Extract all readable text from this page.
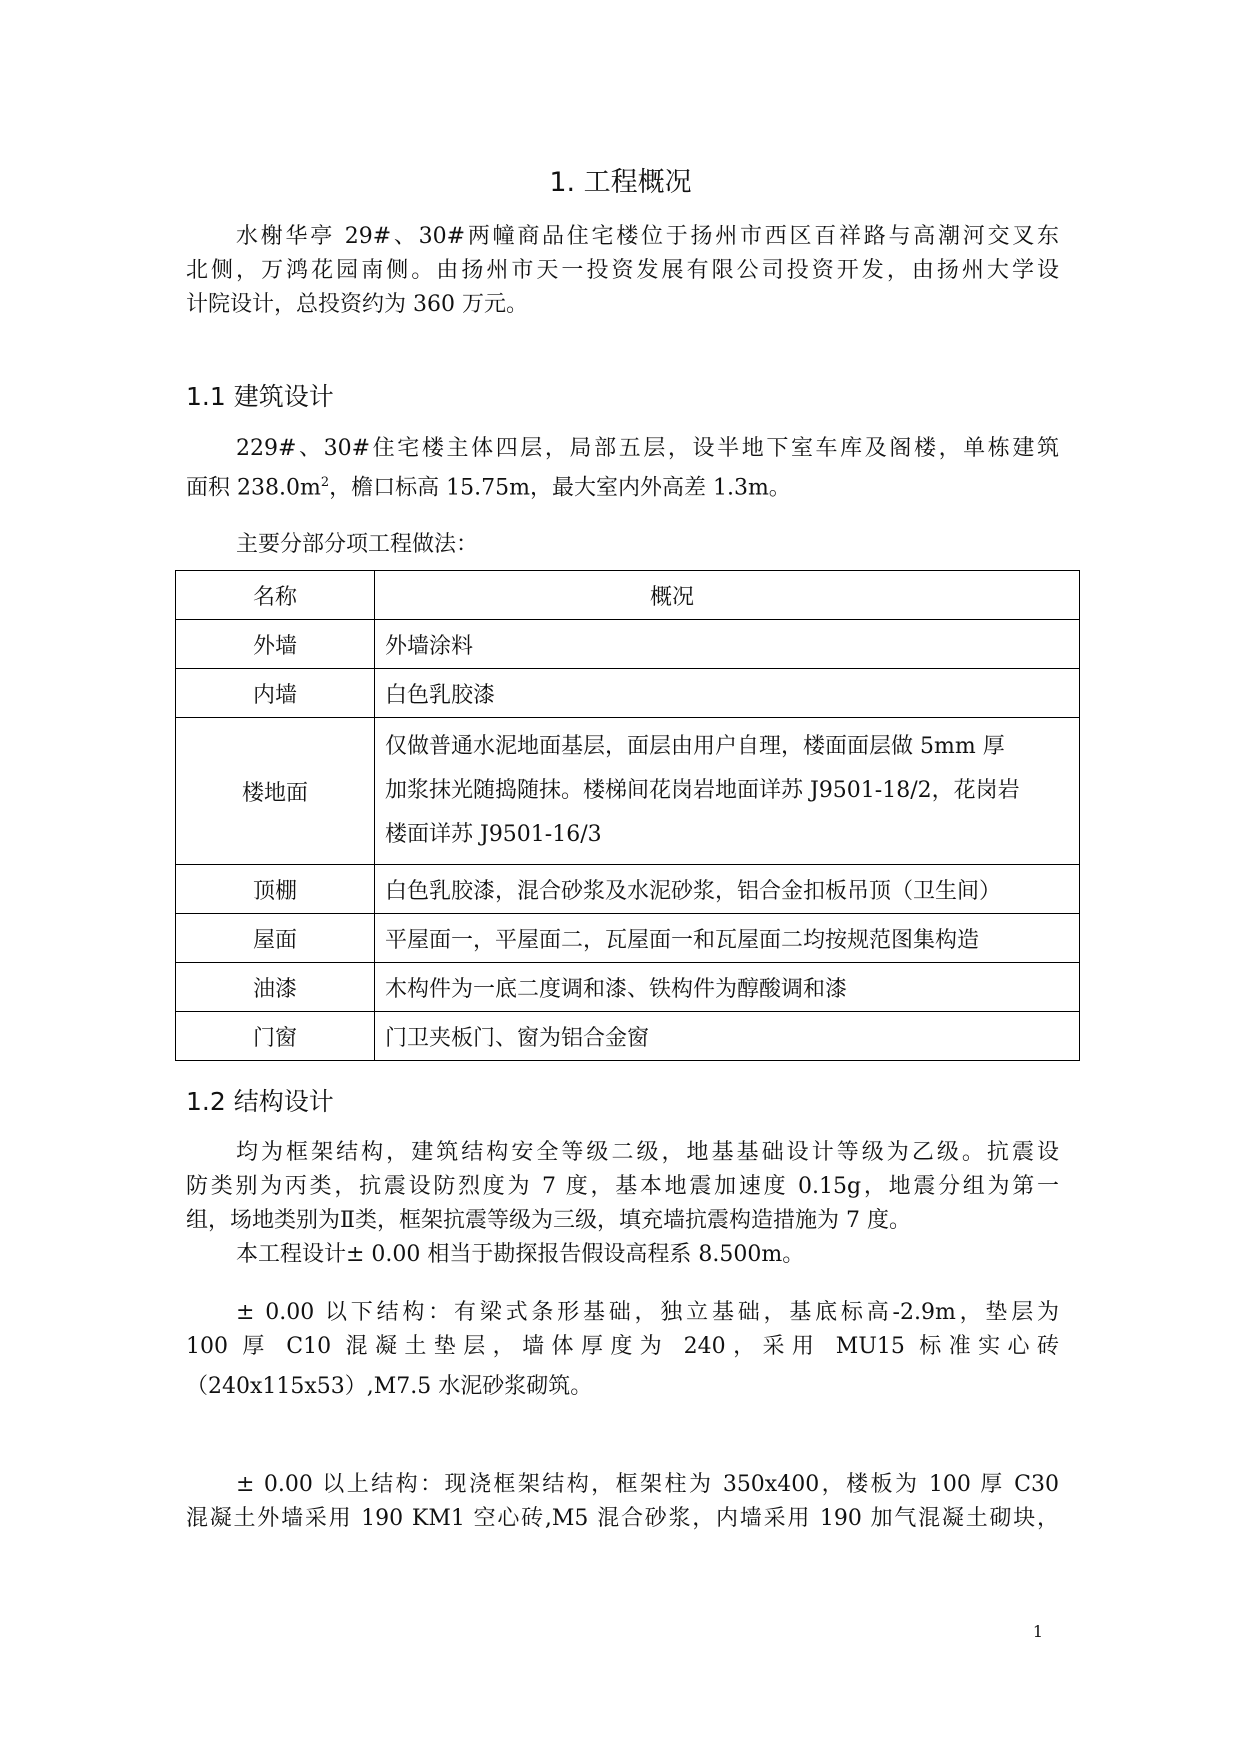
1. 工程概况
水榭华亭 29#、30#两幢商品住宅楼位于扬州市西区百祥路与高潮河交叉东
北侧，万鸿花园南侧。由扬州市天一投资发展有限公司投资开发，由扬州大学设
计院设计，总投资约为 360 万元。
1.1 建筑设计
229#、30#住宅楼主体四层，局部五层，设半地下室车库及阁楼，单栋建筑
面积 $238.0m^2$，檐口标高 15.75m，最大室内外高差 1.3m。
主要分部分项工程做法：
名称	概况
外墙	外墙涂料
内墙	白色乳胶漆
楼地面	仅做普通水泥地面基层，面层由用户自理，楼面面层做 5mm 厚
加浆抹光随捣随抹。楼梯间花岗岩地面详苏 J9501-18/2，花岗岩
楼面详苏 J9501-16/3

顶棚	白色乳胶漆，混合砂浆及水泥砂浆，铝合金扣板吊顶（卫生间）
屋面	平屋面一，平屋面二，瓦屋面一和瓦屋面二均按规范图集构造
油漆	木构件为一底二度调和漆、铁构件为醇酸调和漆
门窗	门卫夹板门、窗为铝合金窗
1.2 结构设计
均为框架结构，建筑结构安全等级二级，地基基础设计等级为乙级。抗震设
防类别为丙类，抗震设防烈度为 7 度，基本地震加速度 0.15g，地震分组为第一
组，场地类别为Ⅱ类，框架抗震等级为三级，填充墙抗震构造措施为 7 度。
本工程设计± 0.00 相当于勘探报告假设高程系 8.500m。
± 0.00 以下结构：有梁式条形基础，独立基础，基底标高-2.9m，垫层为
100 厚 C10 混凝土垫层，墙体厚度为 240，采用 MU15 标准实心砖
（240x115x53）,M7.5 水泥砂浆砌筑。
± 0.00 以上结构：现浇框架结构，框架柱为 350x400，楼板为 100 厚 C30
混凝土外墙采用 190 KM1 空心砖,M5 混合砂浆，内墙采用 190 加气混凝土砌块，
1
